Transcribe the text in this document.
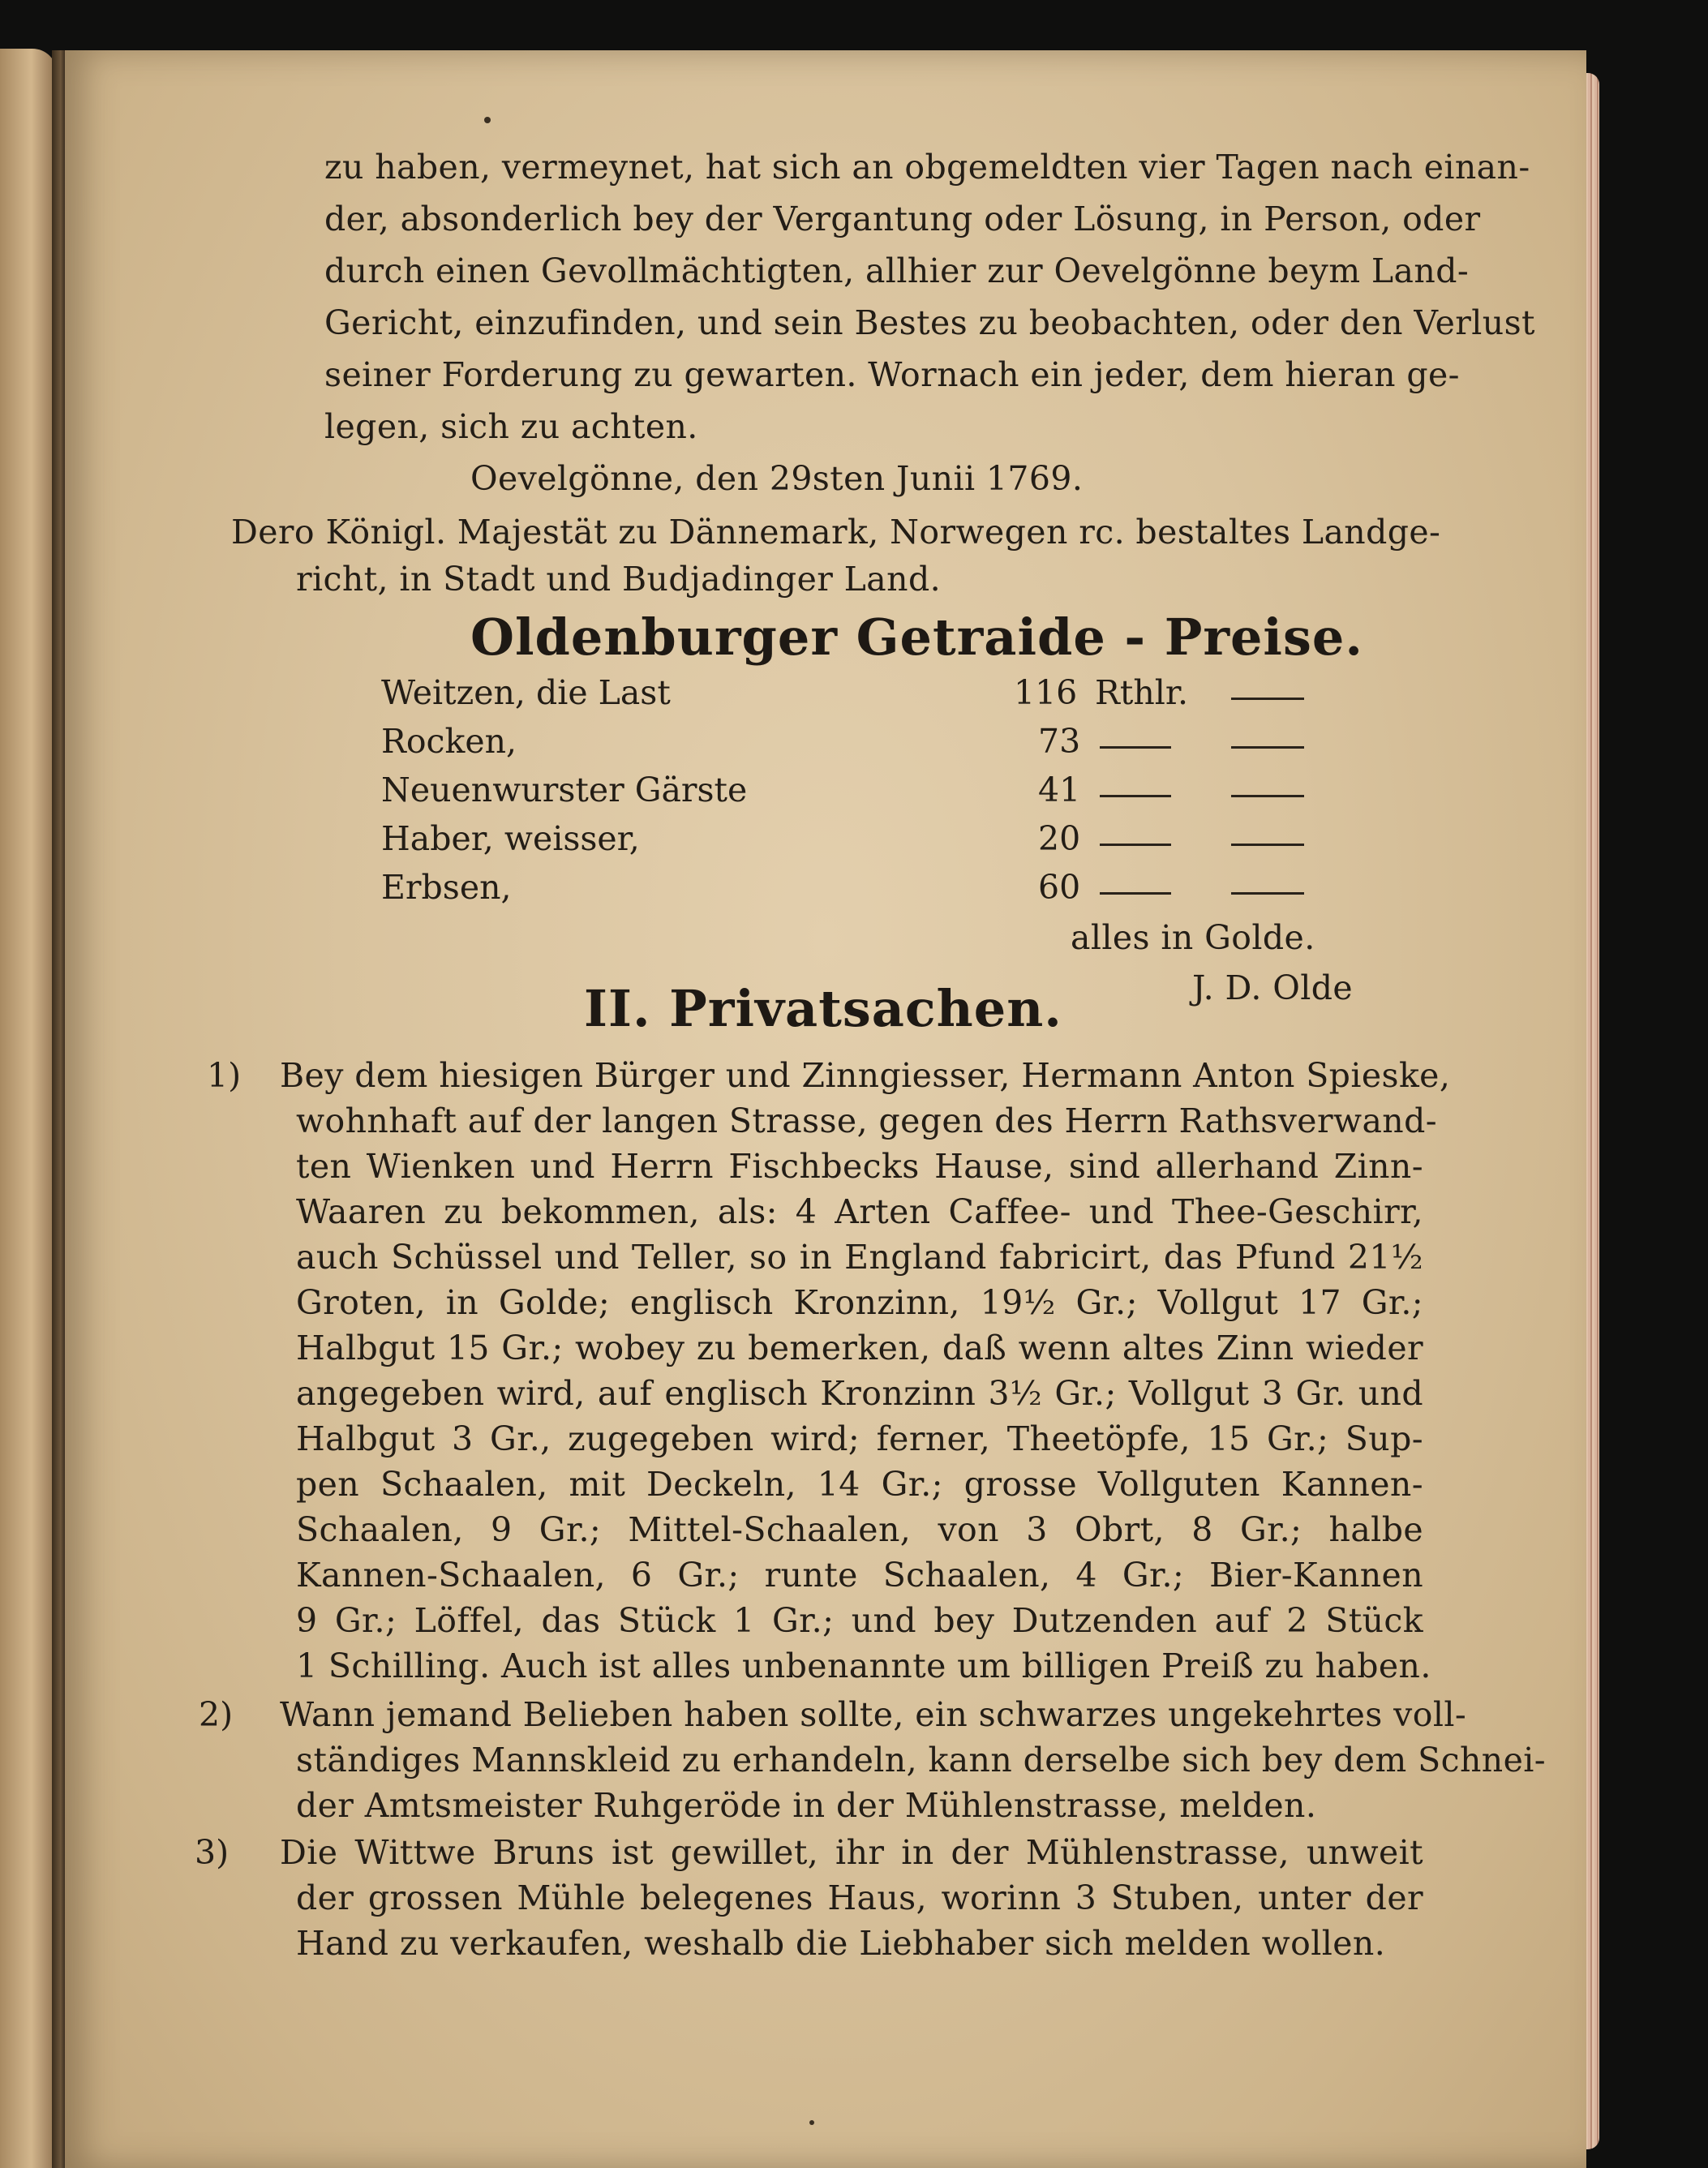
zu haben, vermeynet, hat sich an obgemeldten vier Tagen nach einan-
der, absonderlich bey der Vergantung oder Lösung, in Person, oder
durch einen Gevollmächtigten, allhier zur Oevelgönne beym Land-
Gericht, einzufinden, und sein Bestes zu beobachten, oder den Verlust
seiner Forderung zu gewarten. Wornach ein jeder, dem hieran ge-
legen, sich zu achten.
Oevelgönne, den 29sten Junii 1769.
Dero Königl. Majestät zu Dännemark, Norwegen rc. bestaltes Landge-
richt, in Stadt und Budjadinger Land.
Oldenburger Getraide - Preise.
Weitzen, die Last	116 Rthlr.
Rocken,	73
Neuenwurster Gärste	41
Haber, weisser,	20
Erbsen,	60
alles in Golde.
J. D. Olde
II. Privatsachen.
1) Bey dem hiesigen Bürger und Zinngiesser, Hermann Anton Spieske,
wohnhaft auf der langen Strasse, gegen des Herrn Rathsverwand-
ten Wienken und Herrn Fischbecks Hause, sind allerhand Zinn-
Waaren zu bekommen, als: 4 Arten Caffee- und Thee-Geschirr,
auch Schüssel und Teller, so in England fabricirt, das Pfund 21½
Groten, in Golde; englisch Kronzinn, 19½ Gr.; Vollgut 17 Gr.;
Halbgut 15 Gr.; wobey zu bemerken, daß wenn altes Zinn wieder
angegeben wird, auf englisch Kronzinn 3½ Gr.; Vollgut 3 Gr. und
Halbgut 3 Gr., zugegeben wird; ferner, Theetöpfe, 15 Gr.; Sup-
pen Schaalen, mit Deckeln, 14 Gr.; grosse Vollguten Kannen-
Schaalen, 9 Gr.; Mittel-Schaalen, von 3 Obrt, 8 Gr.; halbe
Kannen-Schaalen, 6 Gr.; runte Schaalen, 4 Gr.; Bier-Kannen
9 Gr.; Löffel, das Stück 1 Gr.; und bey Dutzenden auf 2 Stück
1 Schilling. Auch ist alles unbenannte um billigen Preiß zu haben.
2) Wann jemand Belieben haben sollte, ein schwarzes ungekehrtes voll-
ständiges Mannskleid zu erhandeln, kann derselbe sich bey dem Schnei-
der Amtsmeister Ruhgeröde in der Mühlenstrasse, melden.
3) Die Wittwe Bruns ist gewillet, ihr in der Mühlenstrasse, unweit
der grossen Mühle belegenes Haus, worinn 3 Stuben, unter der
Hand zu verkaufen, weshalb die Liebhaber sich melden wollen.
